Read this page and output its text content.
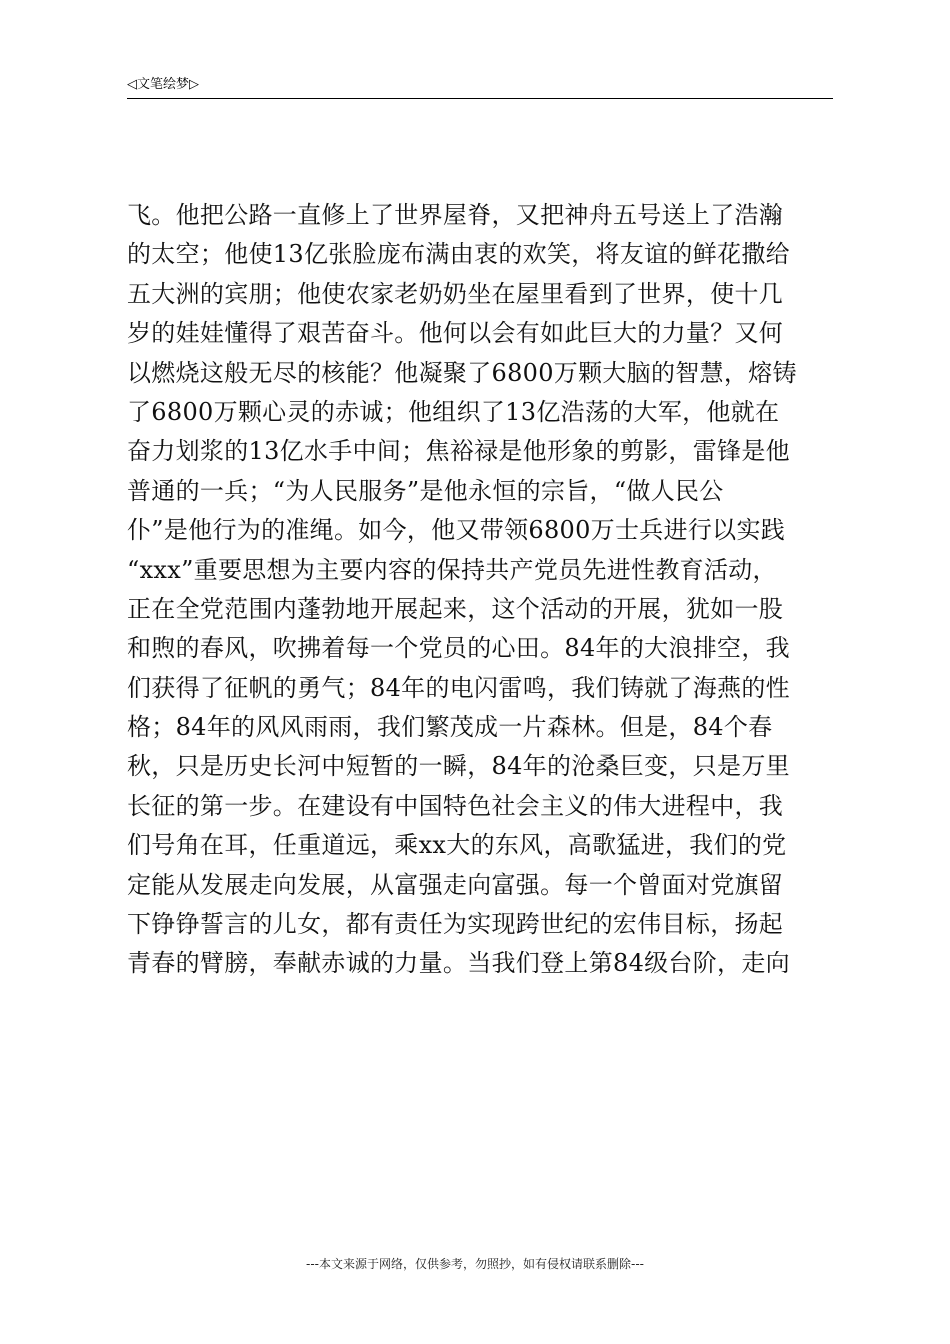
◁文笔绘梦▷
飞。他把公路一直修上了世界屋脊，又把神舟五号送上了浩瀚
的太空；他使13亿张脸庞布满由衷的欢笑，将友谊的鲜花撒给
五大洲的宾朋；他使农家老奶奶坐在屋里看到了世界，使十几
岁的娃娃懂得了艰苦奋斗。他何以会有如此巨大的力量？又何
以燃烧这般无尽的核能？他凝聚了6800万颗大脑的智慧，熔铸
了6800万颗心灵的赤诚；他组织了13亿浩荡的大军，他就在
奋力划浆的13亿水手中间；焦裕禄是他形象的剪影，雷锋是他
普通的一兵；“为人民服务”是他永恒的宗旨，“做人民公
仆”是他行为的准绳。如今，他又带领6800万士兵进行以实践
“xxx”重要思想为主要内容的保持共产党员先进性教育活动，
正在全党范围内蓬勃地开展起来，这个活动的开展，犹如一股
和煦的春风，吹拂着每一个党员的心田。84年的大浪排空，我
们获得了征帆的勇气；84年的电闪雷鸣，我们铸就了海燕的性
格；84年的风风雨雨，我们繁茂成一片森林。但是，84个春
秋，只是历史长河中短暂的一瞬，84年的沧桑巨变，只是万里
长征的第一步。在建设有中国特色社会主义的伟大进程中，我
们号角在耳，任重道远，乘xx大的东风，高歌猛进，我们的党
定能从发展走向发展，从富强走向富强。每一个曾面对党旗留
下铮铮誓言的儿女，都有责任为实现跨世纪的宏伟目标，扬起
青春的臂膀，奉献赤诚的力量。当我们登上第84级台阶，走向
---本文来源于网络，仅供参考，勿照抄，如有侵权请联系删除---
